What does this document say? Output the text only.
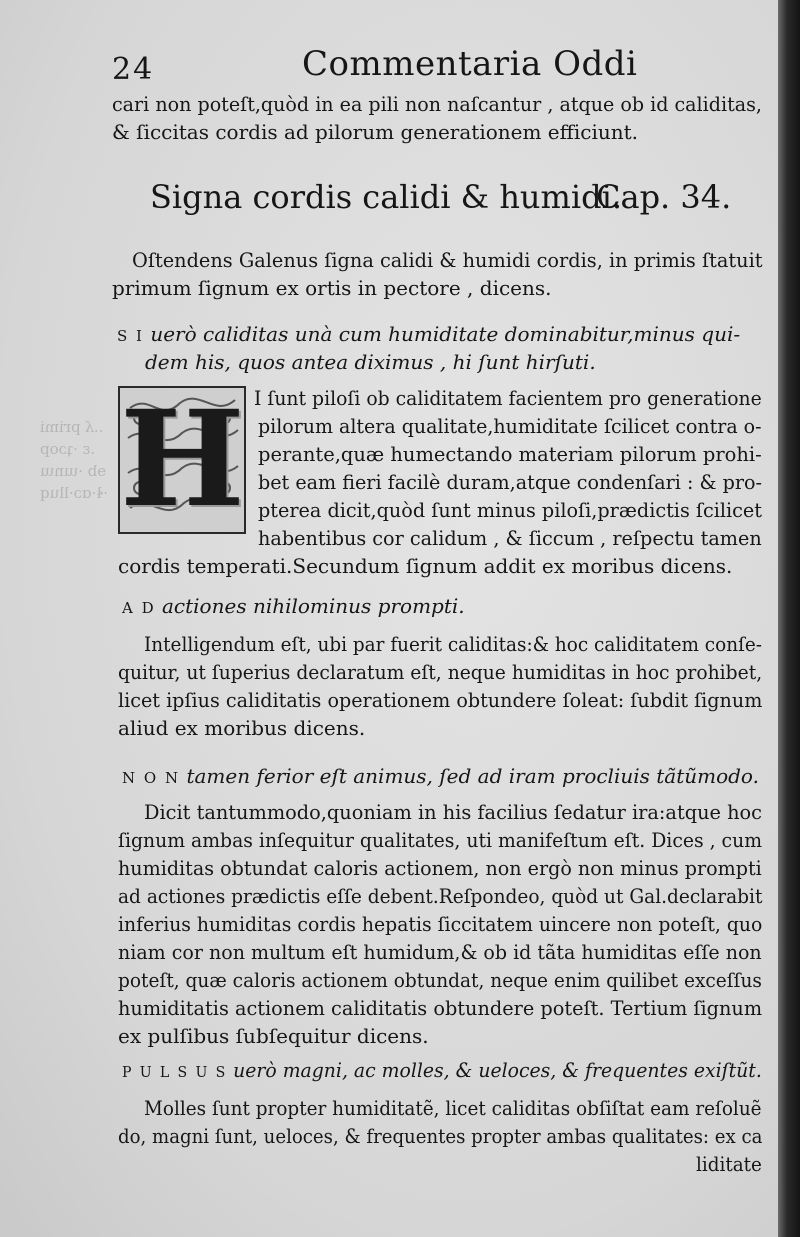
..ʎ primi
.ɛ ·ʇɔop
ɘb ·ɯnɯ
·ɬ·ɑɔ·lluq
24	Commentaria Oddi
cari non poteſt,quòd in ea pili non naſcantur , atque ob id caliditas,
& ſiccitas cordis ad pilorum generationem efficiunt.
Signa cordis calidi & humidi.
Cap. 34.
Oſtendens Galenus ſigna calidi & humidi cordis, in primis ſtatuit
primum ſignum ex ortis in pectore , dicens.
S I uerò caliditas unà cum humiditate dominabitur,minus qui-
dem his, quos antea diximus , hi ſunt hirſuti.
H I ſunt piloſi ob caliditatem facientem pro generatione
pilorum altera qualitate,humiditate ſcilicet contra o-
perante,quæ humectando materiam pilorum prohi-
bet eam fieri facilè duram,atque condenſari : & pro-
pterea dicit,quòd ſunt minus piloſi,prædictis ſcilicet
habentibus cor calidum , & ſiccum , reſpectu tamen
cordis temperati.Secundum ſignum addit ex moribus dicens.
A D actiones nihilominus prompti.
Intelligendum eſt, ubi par fuerit caliditas:& hoc caliditatem conſe-
quitur, ut ſuperius declaratum eſt, neque humiditas in hoc prohibet,
licet ipſius caliditatis operationem obtundere ſoleat: ſubdit ſignum
aliud ex moribus dicens.
N O N tamen ferior eſt animus, ſed ad iram procliuis tãtũmodo.
Dicit tantummodo,quoniam in his facilius ſedatur ira:atque hoc
ſignum ambas inſequitur qualitates, uti manifeſtum eſt. Dices , cum
humiditas obtundat caloris actionem, non ergò non minus prompti
ad actiones prædictis eſſe debent.Reſpondeo, quòd ut Gal.declarabit
inferius humiditas cordis hepatis ſiccitatem uincere non poteſt, quo
niam cor non multum eſt humidum,& ob id tãta humiditas eſſe non
poteſt, quæ caloris actionem obtundat, neque enim quilibet exceſſus
humiditatis actionem caliditatis obtundere poteſt. Tertium ſignum
ex pulſibus ſubſequitur dicens.
P U L S U S uerò magni, ac molles, & ueloces, & frequentes exiſtũt.
Molles ſunt propter humiditatẽ, licet caliditas obſiſtat eam reſoluẽ
do, magni ſunt, ueloces, & frequentes propter ambas qualitates: ex ca
liditate
